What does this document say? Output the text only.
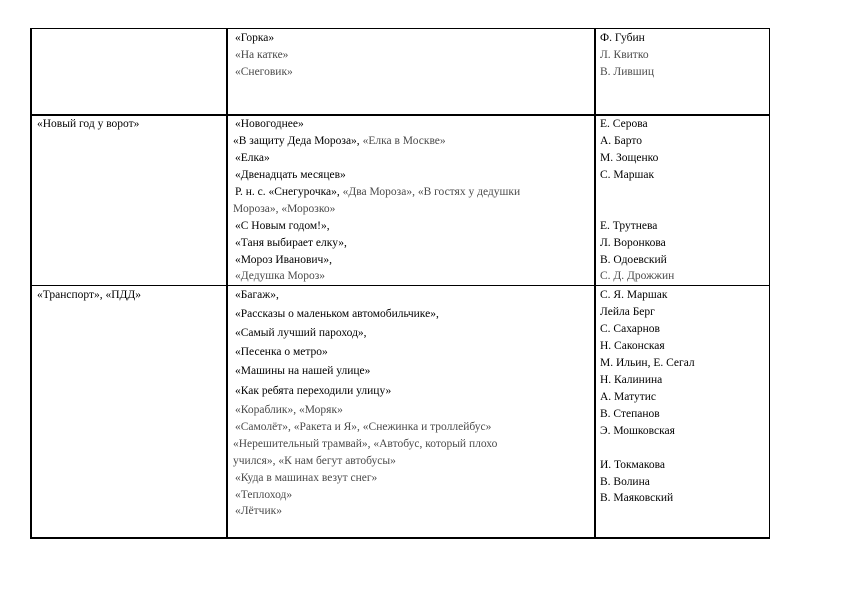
«Горка»
«На катке»
«Снеговик»
Ф. Губин
Л. Квитко
В. Лившиц
«Новый год у ворот»	«Новогоднее»
«В защиту Деда Мороза», «Елка в Москве»
«Елка»
«Двенадцать месяцев»
Р. н. с. «Снегурочка», «Два Мороза», «В гостях у дедушки
Мороза», «Морозко»
«С Новым годом!»,
«Таня выбирает елку»,
«Мороз Иванович»,
«Дедушка Мороз»
Е. Серова
А. Барто
М. Зощенко
С. Маршак
Е. Трутнева
Л. Воронкова
В. Одоевский
С. Д. Дрожжин
«Транспорт», «ПДД»	«Багаж»,
«Рассказы о маленьком автомобильчике»,
«Самый лучший пароход»,
«Песенка о метро»
«Машины на нашей улице»
«Как ребята переходили улицу»
«Кораблик», «Моряк»
«Самолёт», «Ракета и Я», «Снежинка и троллейбус»
«Нерешительный трамвай», «Автобус, который плохо
учился», «К нам бегут автобусы»
«Куда в машинах везут снег»
«Теплоход»
«Лётчик»
С. Я. Маршак
Лейла Берг
С. Сахарнов
Н. Саконская
М. Ильин, Е. Сегал
Н. Калинина
А. Матутис
В. Степанов
Э. Мошковская
И. Токмакова
В. Волина
В. Маяковский
